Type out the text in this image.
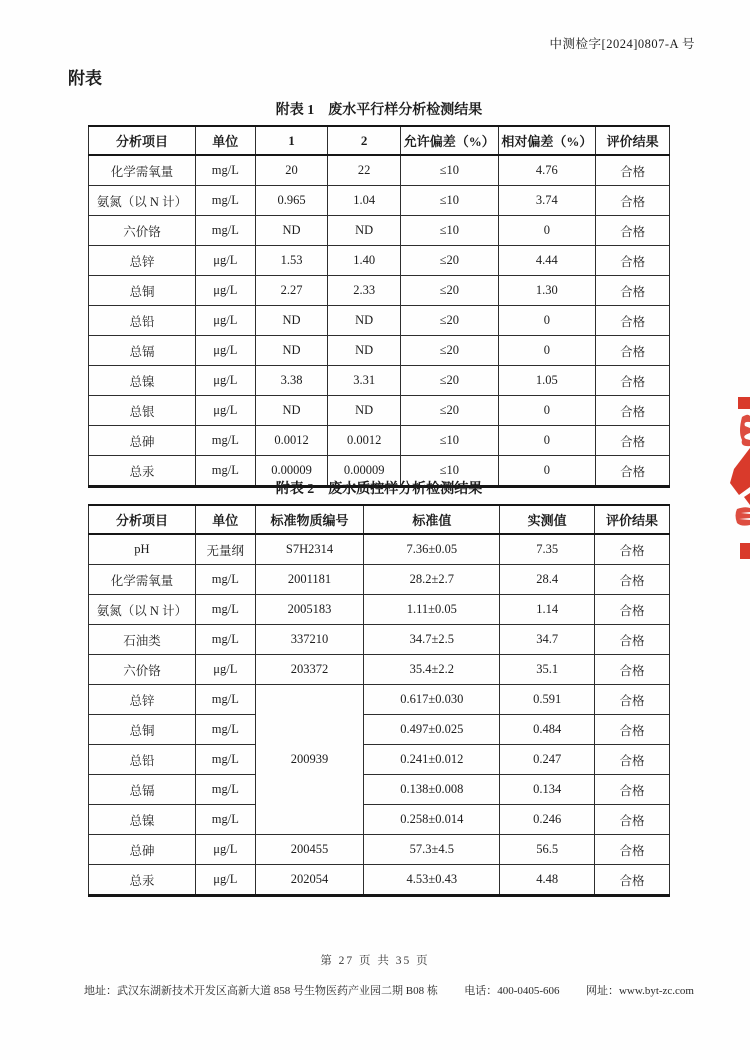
中测检字[2024]0807-A 号
附表
附表 1　废水平行样分析检测结果
分析项目	单位	1	2	允许偏差（%）	相对偏差（%）	评价结果
化学需氧量	mg/L	20	22	≤10	4.76	合格
氨氮（以 N 计）	mg/L	0.965	1.04	≤10	3.74	合格
六价铬	mg/L	ND	ND	≤10	0	合格
总锌	μg/L	1.53	1.40	≤20	4.44	合格
总铜	μg/L	2.27	2.33	≤20	1.30	合格
总铅	μg/L	ND	ND	≤20	0	合格
总镉	μg/L	ND	ND	≤20	0	合格
总镍	μg/L	3.38	3.31	≤20	1.05	合格
总银	μg/L	ND	ND	≤20	0	合格
总砷	mg/L	0.0012	0.0012	≤10	0	合格
总汞	mg/L	0.00009	0.00009	≤10	0	合格
附表 2　废水质控样分析检测结果
分析项目	单位	标准物质编号	标准值	实测值	评价结果
pH	无量纲	S7H2314	7.36±0.05	7.35	合格
化学需氧量	mg/L	2001181	28.2±2.7	28.4	合格
氨氮（以 N 计）	mg/L	2005183	1.11±0.05	1.14	合格
石油类	mg/L	337210	34.7±2.5	34.7	合格
六价铬	μg/L	203372	35.4±2.2	35.1	合格
总锌	mg/L	200939	0.617±0.030	0.591	合格
总铜	mg/L		0.497±0.025	0.484	合格
总铅	mg/L		0.241±0.012	0.247	合格
总镉	mg/L		0.138±0.008	0.134	合格
总镍	mg/L		0.258±0.014	0.246	合格
总砷	μg/L	200455	57.3±4.5	56.5	合格
总汞	μg/L	202054	4.53±0.43	4.48	合格
第 27 页 共 35 页
地址：武汉东湖新技术开发区高新大道 858 号生物医药产业园二期 B08 栋 电话：400-0405-606 网址：www.byt-zc.com
